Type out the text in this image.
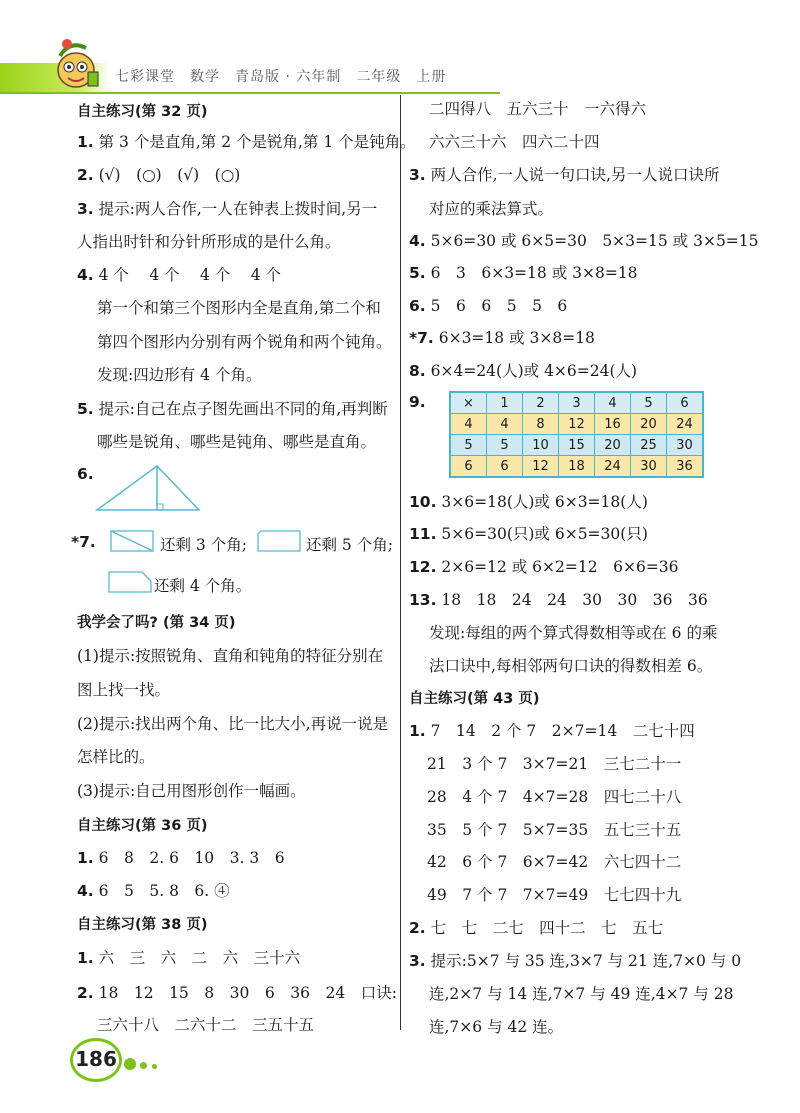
七彩课堂　数学　青岛版 · 六年制　二年级　上册
自主练习(第 32 页)
1. 第 3 个是直角,第 2 个是锐角,第 1 个是钝角。
2. (√)　(○)　(√)　(○)
3. 提示:两人合作,一人在钟表上拨时间,另一
人指出时针和分针所形成的是什么角。
4. 4 个　 4 个　 4 个　 4 个
第一个和第三个图形内全是直角,第二个和
第四个图形内分别有两个锐角和两个钝角。
发现:四边形有 4 个角。
5. 提示:自己在点子图先画出不同的角,再判断
哪些是锐角、哪些是钝角、哪些是直角。
6.
*7.	还剩 3 个角;	还剩 5 个角;
还剩 4 个角。
我学会了吗? (第 34 页)
(1)提示:按照锐角、直角和钝角的特征分别在
图上找一找。
(2)提示:找出两个角、比一比大小,再说一说是
怎样比的。
(3)提示:自己用图形创作一幅画。
自主练习(第 36 页)
1. 6　8　2. 6　10　3. 3　6
4. 6　5　5. 8　6. ④
自主练习(第 38 页)
1. 六　三　六　二　六　三十六
2. 18　12　15　8　30　6　36　24　口诀:
三六十八　二六十二　三五十五
二四得八　五六三十　一六得六
六六三十六　四六二十四
3. 两人合作,一人说一句口诀,另一人说口诀所
对应的乘法算式。
4. 5×6=30 或 6×5=30　5×3=15 或 3×5=15
5. 6　3　6×3=18 或 3×8=18
6. 5　6　6　5　5　6
*7. 6×3=18 或 3×8=18
8. 6×4=24(人)或 4×6=24(人)
9.	×	1	2	3	4	5	6
4	4	8	12	16	20	24
5	5	10	15	20	25	30
6	6	12	18	24	30	36
10. 3×6=18(人)或 6×3=18(人)
11. 5×6=30(只)或 6×5=30(只)
12. 2×6=12 或 6×2=12　6×6=36
13. 18　18　24　24　30　30　36　36
发现:每组的两个算式得数相等或在 6 的乘
法口诀中,每相邻两句口诀的得数相差 6。
自主练习(第 43 页)
1. 7　14　2 个 7　2×7=14　二七十四
21　3 个 7　3×7=21　三七二十一
28　4 个 7　4×7=28　四七二十八
35　5 个 7　5×7=35　五七三十五
42　6 个 7　6×7=42　六七四十二
49　7 个 7　7×7=49　七七四十九
2. 七　七　二七　四十二　七　五七
3. 提示:5×7 与 35 连,3×7 与 21 连,7×0 与 0
连,2×7 与 14 连,7×7 与 49 连,4×7 与 28
连,7×6 与 42 连。
186
